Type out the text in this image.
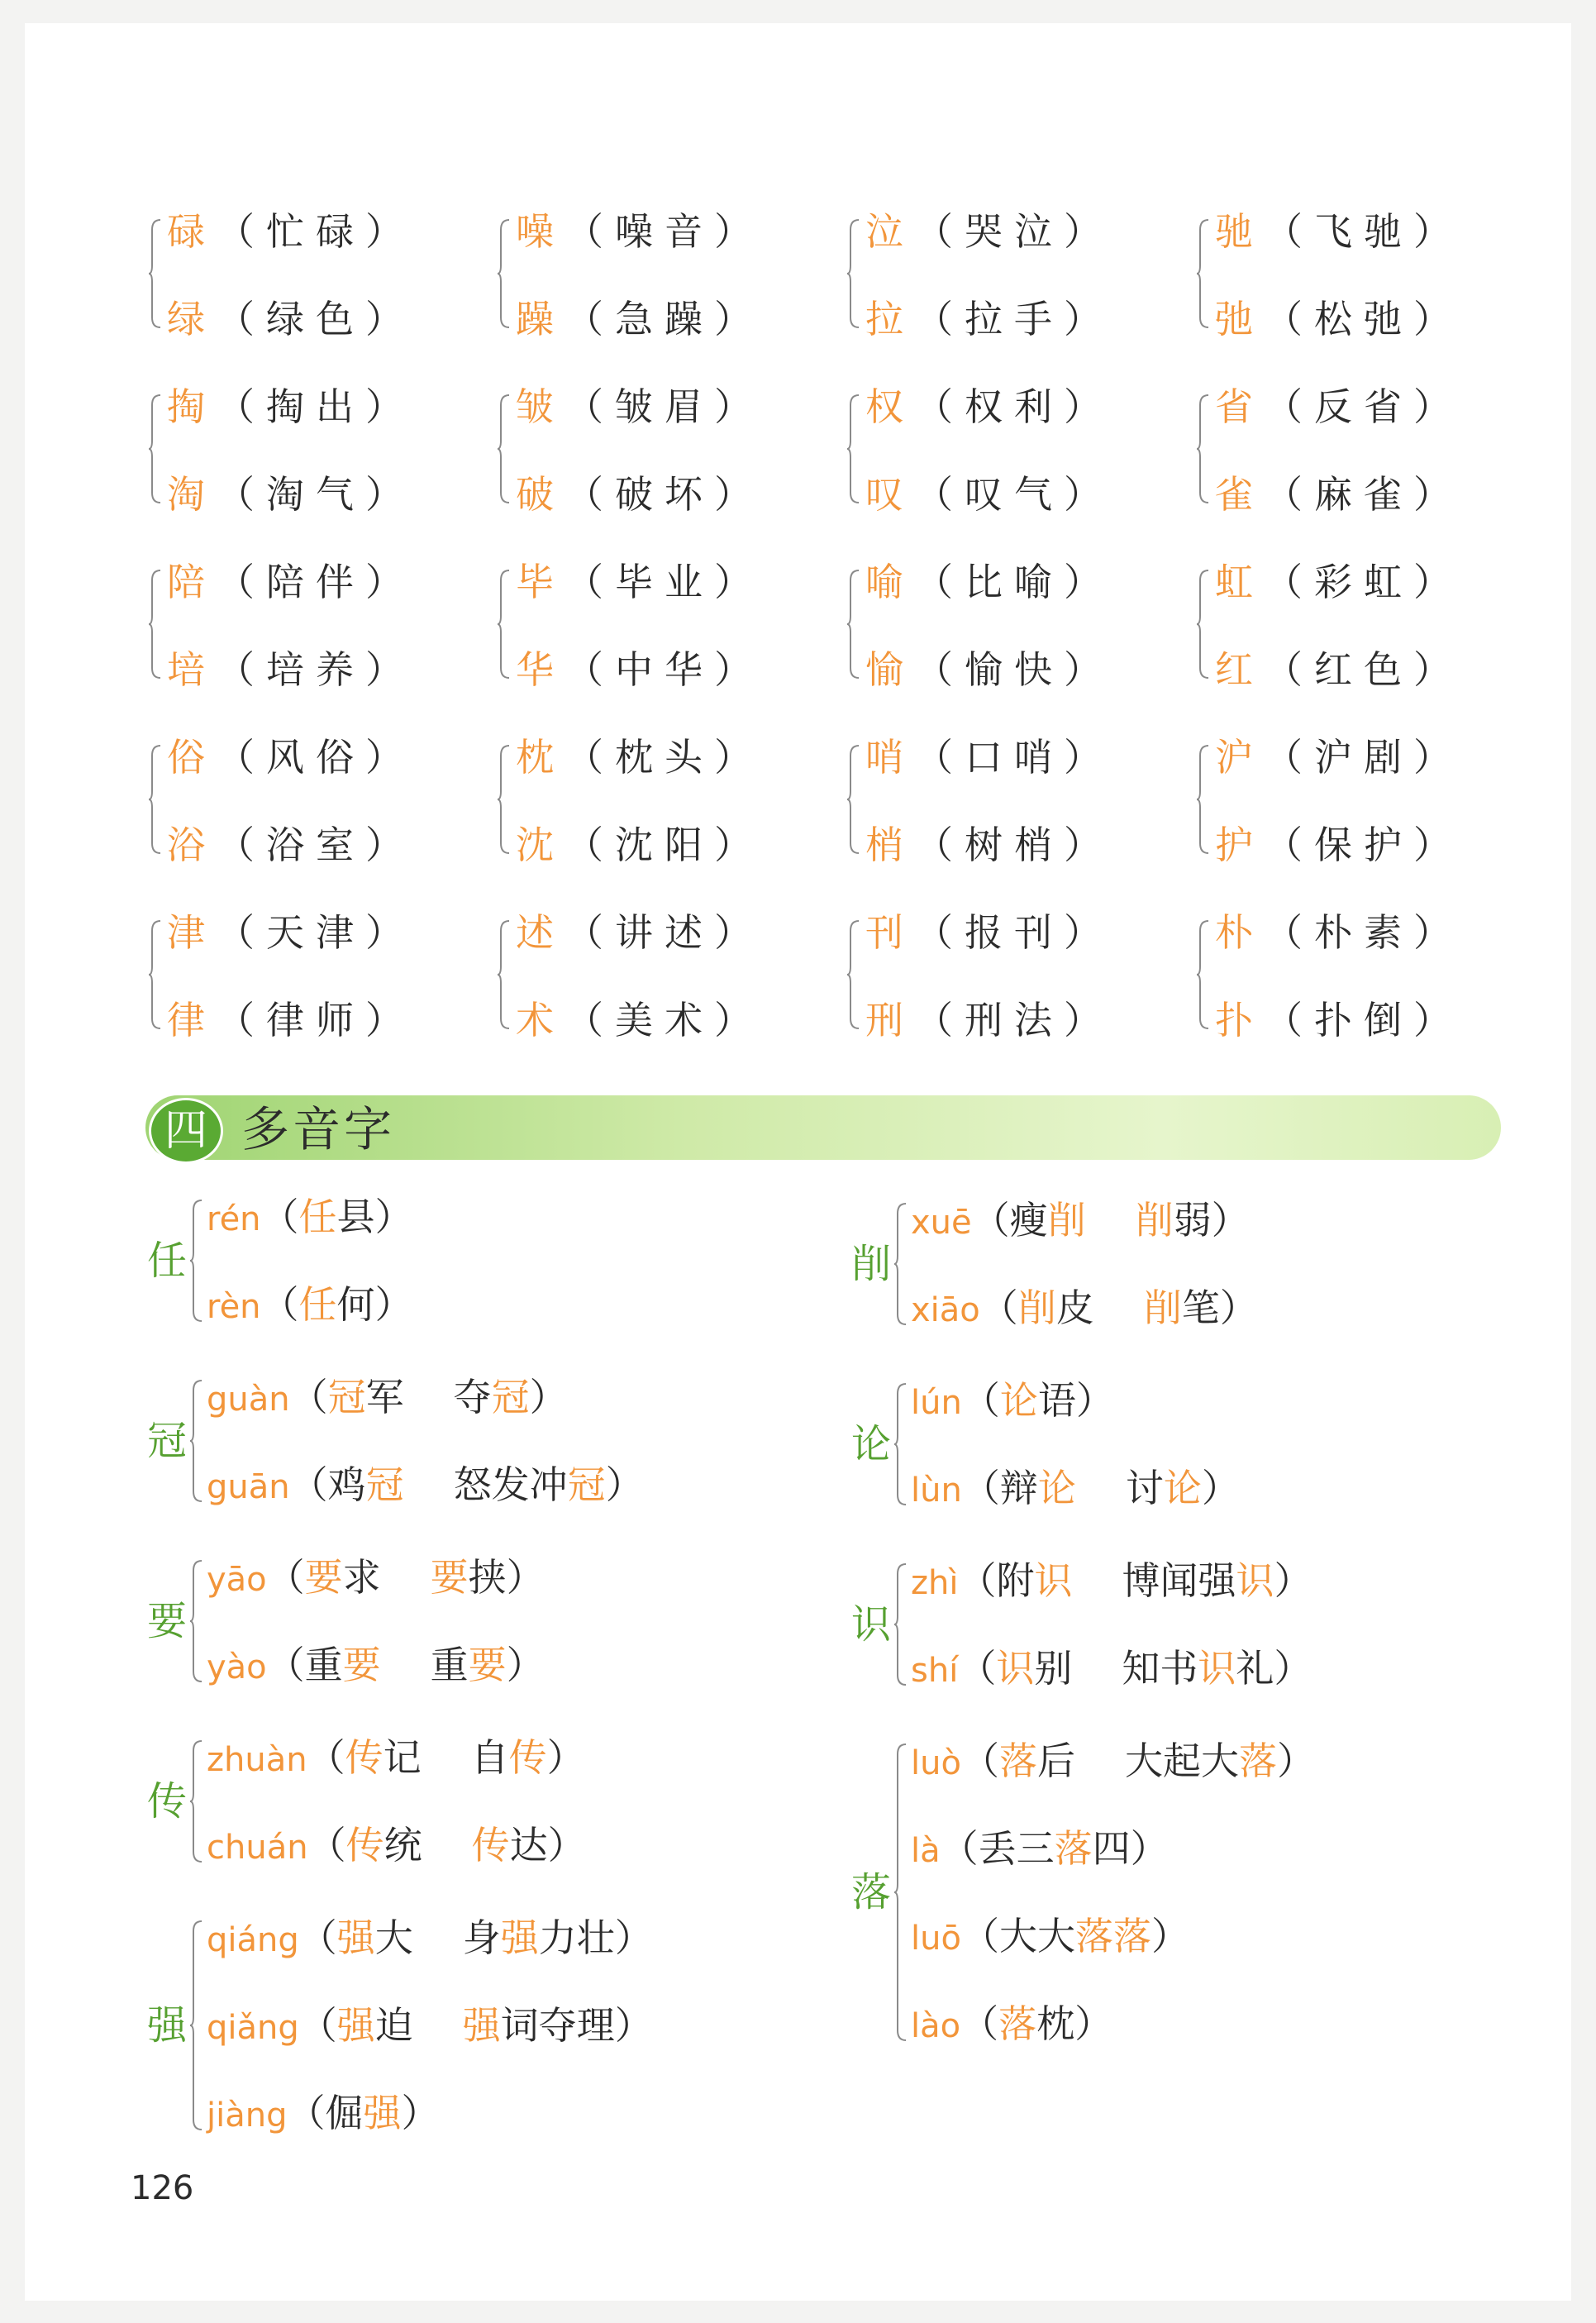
碌（忙碌）
绿（绿色）
噪（噪音）
躁（急躁）
泣（哭泣）
拉（拉手）
驰（飞驰）
弛（松弛）
掏（掏出）
淘（淘气）
皱（皱眉）
破（破坏）
权（权利）
叹（叹气）
省（反省）
雀（麻雀）
陪（陪伴）
培（培养）
毕（毕业）
华（中华）
喻（比喻）
愉（愉快）
虹（彩虹）
红（红色）
俗（风俗）
浴（浴室）
枕（枕头）
沈（沈阳）
哨（口哨）
梢（树梢）
沪（沪剧）
护（保护）
津（天津）
律（律师）
述（讲述）
术（美术）
刊（报刊）
刑（刑法）
朴（朴素）
扑（扑倒）
四 多音字
任
rén（任县）
rèn（任何）
冠
guàn（冠军 夺冠）
guān（鸡冠 怒发冲冠）
要
yāo（要求 要挟）
yào（重要 重要）
传
zhuàn（传记 自传）
chuán（传统 传达）
强
qiáng（强大 身强力壮）
qiǎng（强迫 强词夺理）
jiàng（倔强）
削
xuē（瘦削 削弱）
xiāo（削皮 削笔）
论
lún（论语）
lùn（辩论 讨论）
识
zhì（附识 博闻强识）
shí（识别 知书识礼）
落
luò（落后 大起大落）
là（丢三落四）
luō（大大落落）
lào（落枕）
126
